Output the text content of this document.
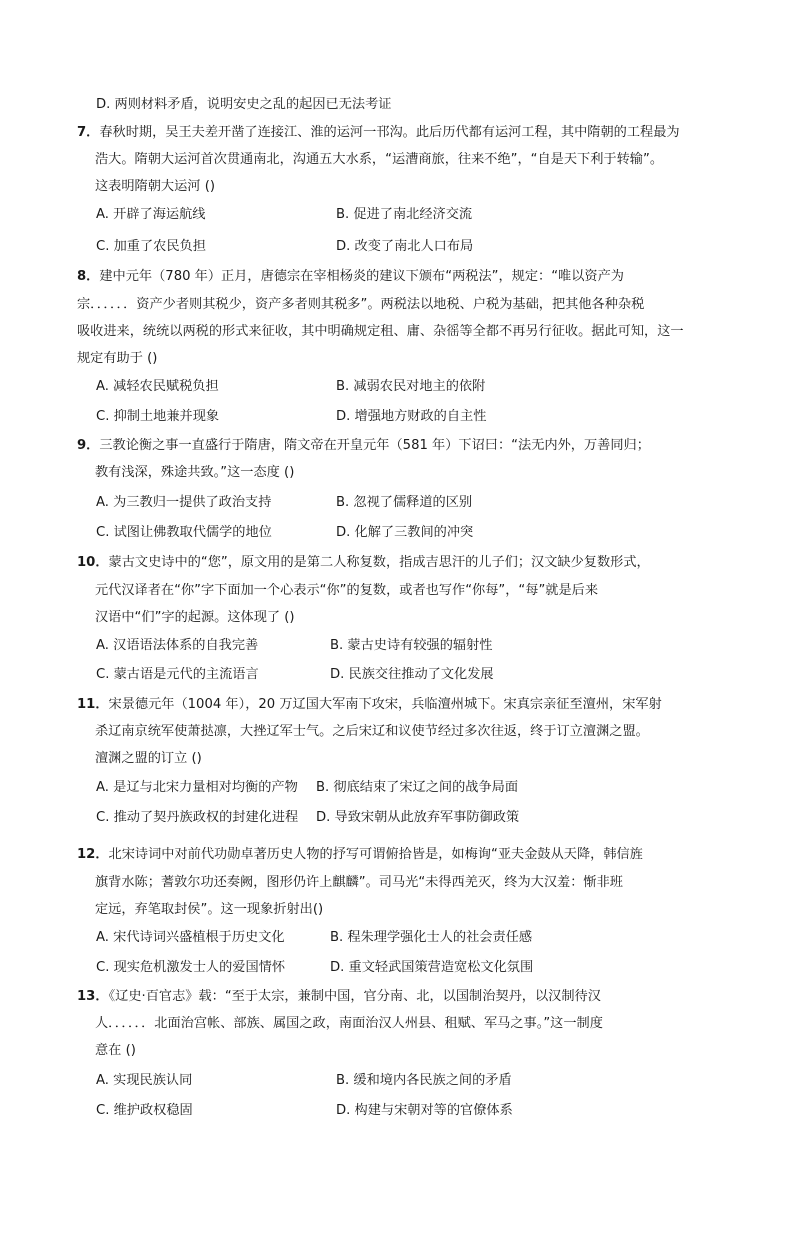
D. 两则材料矛盾，说明安史之乱的起因已无法考证
7．春秋时期，吴王夫差开凿了连接江、淮的运河一邗沟。此后历代都有运河工程，其中隋朝的工程最为
浩大。隋朝大运河首次贯通南北，沟通五大水系，“运漕商旅，往来不绝”，“自是天下利于转输”。
这表明隋朝大运河 ()
A. 开辟了海运航线	B. 促进了南北经济交流
C. 加重了农民负担	D. 改变了南北人口布局
8．建中元年（780 年）正月，唐德宗在宰相杨炎的建议下颁布“两税法”，规定：“唯以资产为
宗．．．．．．资产少者则其税少，资产多者则其税多”。两税法以地税、户税为基础，把其他各种杂税
吸收进来，统统以两税的形式来征收，其中明确规定租、庸、杂徭等全都不再另行征收。据此可知，这一
规定有助于 ()
A. 减轻农民赋税负担	B. 减弱农民对地主的依附
C. 抑制土地兼并现象	D. 增强地方财政的自主性
9．三教论衡之事一直盛行于隋唐，隋文帝在开皇元年（581 年）下诏曰：“法无内外，万善同归；
教有浅深，殊途共致。”这一态度 ()
A. 为三教归一提供了政治支持	B. 忽视了儒释道的区别
C. 试图让佛教取代儒学的地位	D. 化解了三教间的冲突
10．蒙古文史诗中的“您”，原文用的是第二人称复数，指成吉思汗的儿子们；汉文缺少复数形式，
元代汉译者在“你”字下面加一个心表示“你”的复数，或者也写作“你每”，“每”就是后来
汉语中“们”字的起源。这体现了 ()
A. 汉语语法体系的自我完善	B. 蒙古史诗有较强的辐射性
C. 蒙古语是元代的主流语言	D. 民族交往推动了文化发展
11．宋景德元年（1004 年），20 万辽国大军南下攻宋，兵临澶州城下。宋真宗亲征至澶州，宋军射
杀辽南京统军使萧挞凛，大挫辽军士气。之后宋辽和议使节经过多次往返，终于订立澶渊之盟。
澶渊之盟的订立 ()
A. 是辽与北宋力量相对均衡的产物 B. 彻底结束了宋辽之间的战争局面
C. 推动了契丹族政权的封建化进程 D. 导致宋朝从此放弃军事防御政策
12．北宋诗词中对前代功勋卓著历史人物的抒写可谓俯拾皆是，如梅询“亚夫金鼓从天降，韩信旌
旗背水陈；蓍敦尔功还奏阙，图形仍许上麒麟”。司马光“未得西羌灭，终为大汉羞：惭非班
定远，弃笔取封侯”。这一现象折射出()
A. 宋代诗词兴盛植根于历史文化	B. 程朱理学强化士人的社会责任感
C. 现实危机激发士人的爱国情怀	D. 重文轻武国策营造宽松文化氛围
13．《辽史·百官志》载：“至于太宗，兼制中国，官分南、北，以国制治契丹，以汉制待汉
人．．．．．．北面治宫帐、部族、属国之政，南面治汉人州县、租赋、军马之事。”这一制度
意在 ()
A. 实现民族认同	B. 缓和境内各民族之间的矛盾
C. 维护政权稳固	D. 构建与宋朝对等的官僚体系
